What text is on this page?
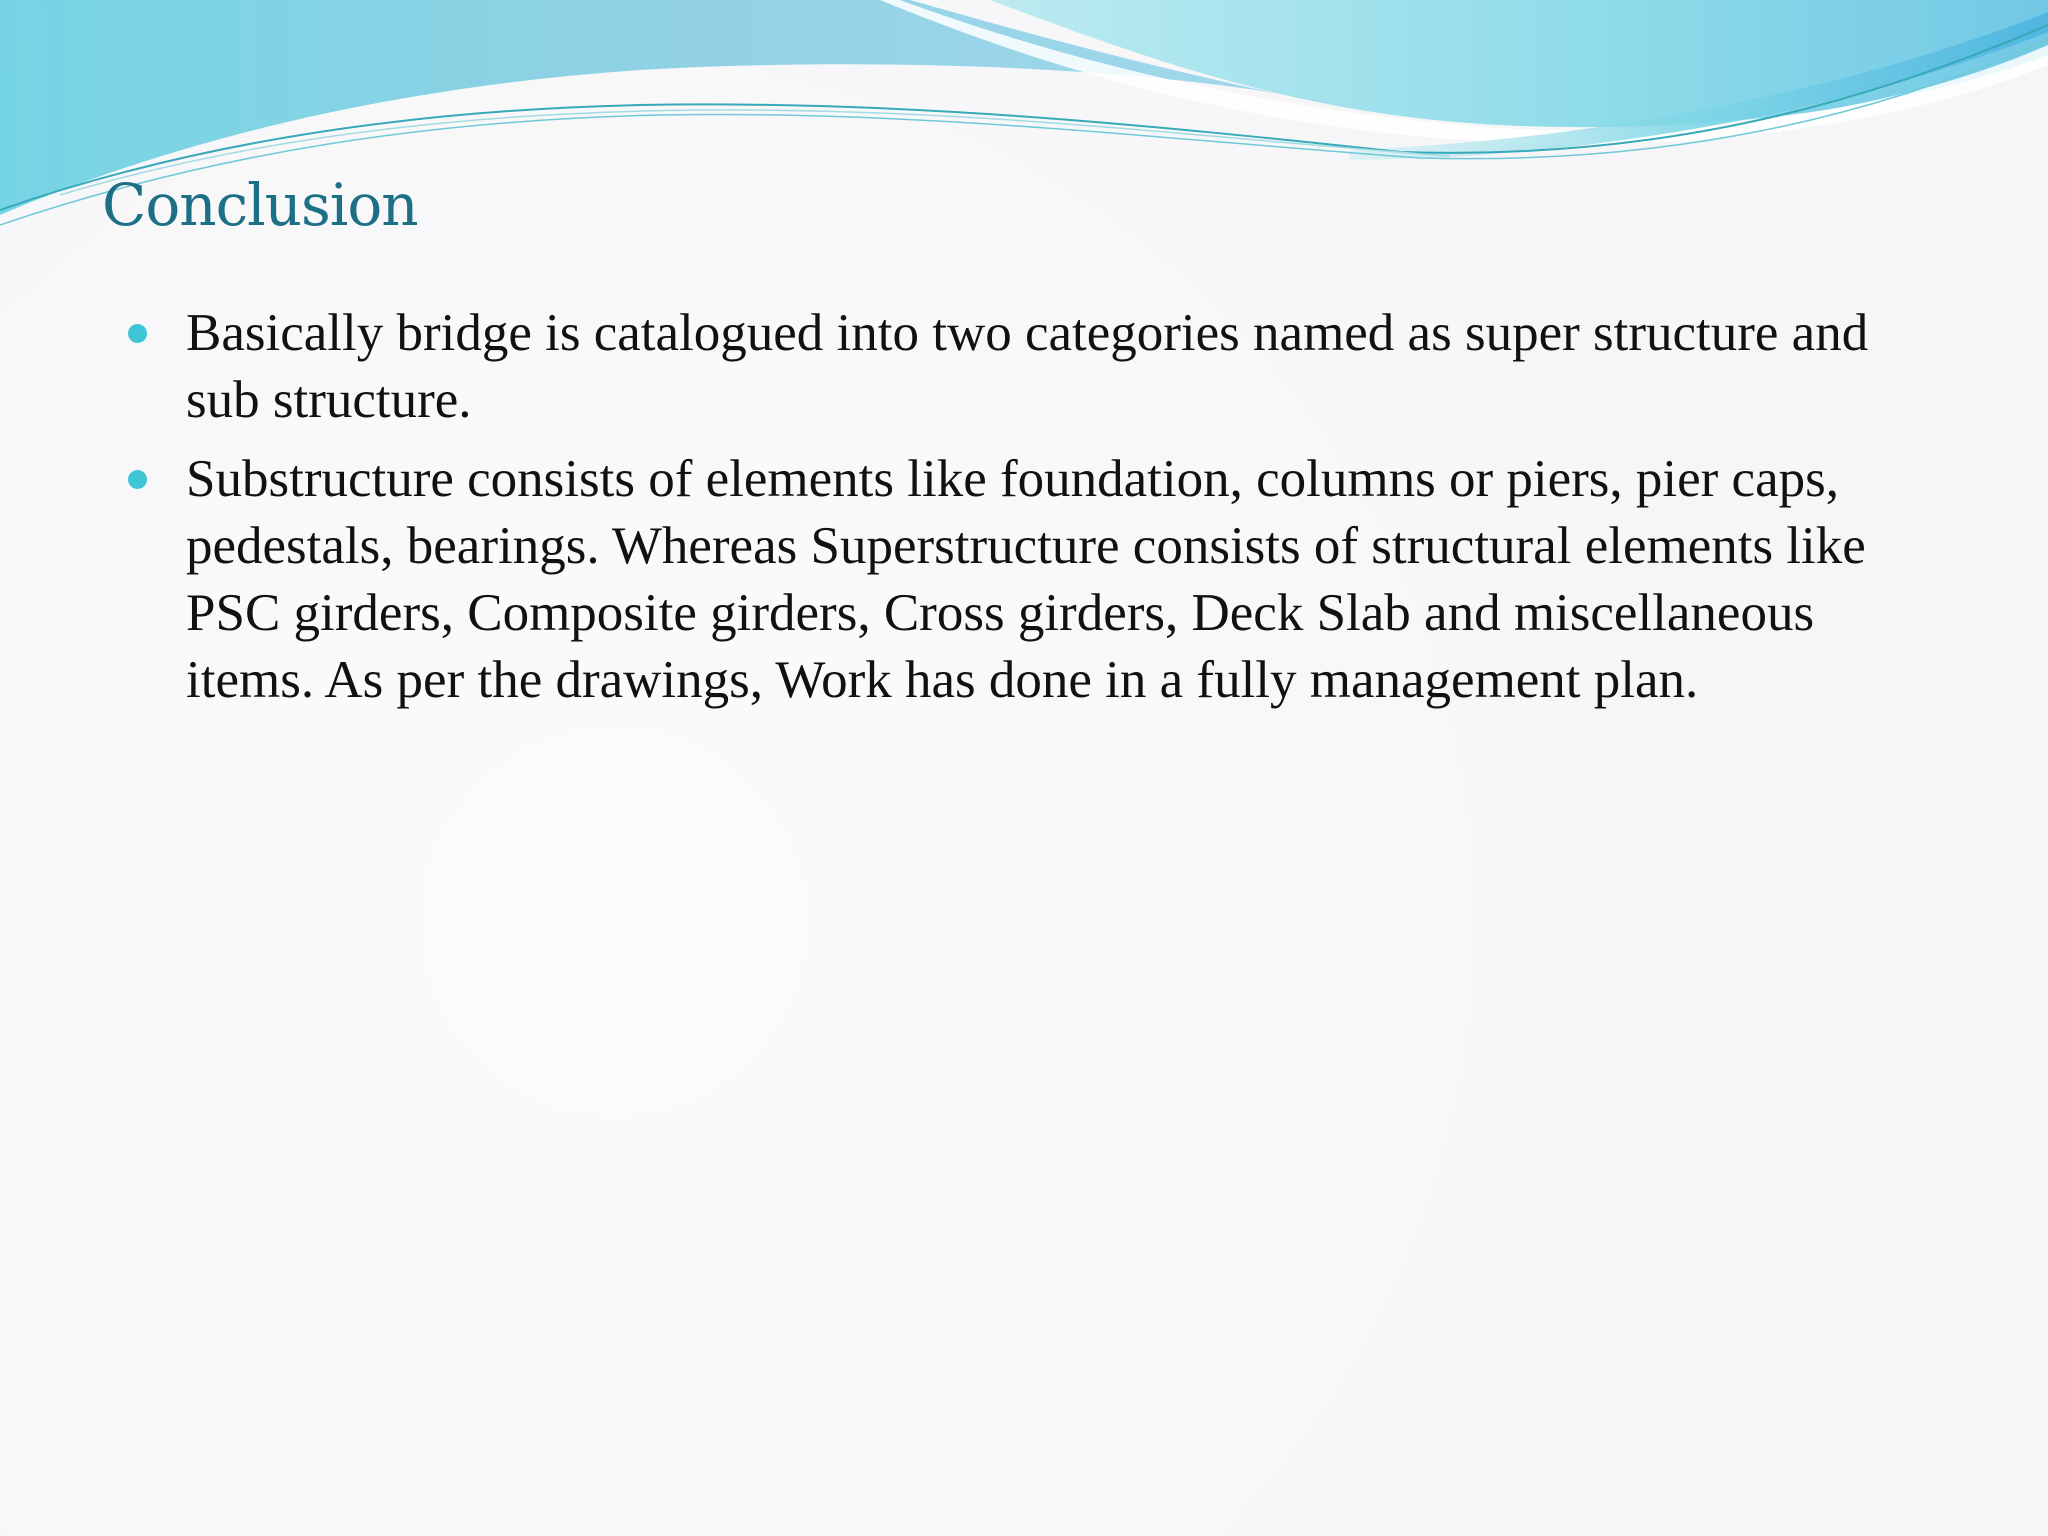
Conclusion
Basically bridge is catalogued into two categories named as super structure and sub structure.
Substructure consists of elements like foundation, columns or piers, pier caps, pedestals, bearings. Whereas Superstructure consists of structural elements like PSC girders, Composite girders, Cross girders, Deck Slab and miscellaneous items. As per the drawings, Work has done in a fully management plan.
